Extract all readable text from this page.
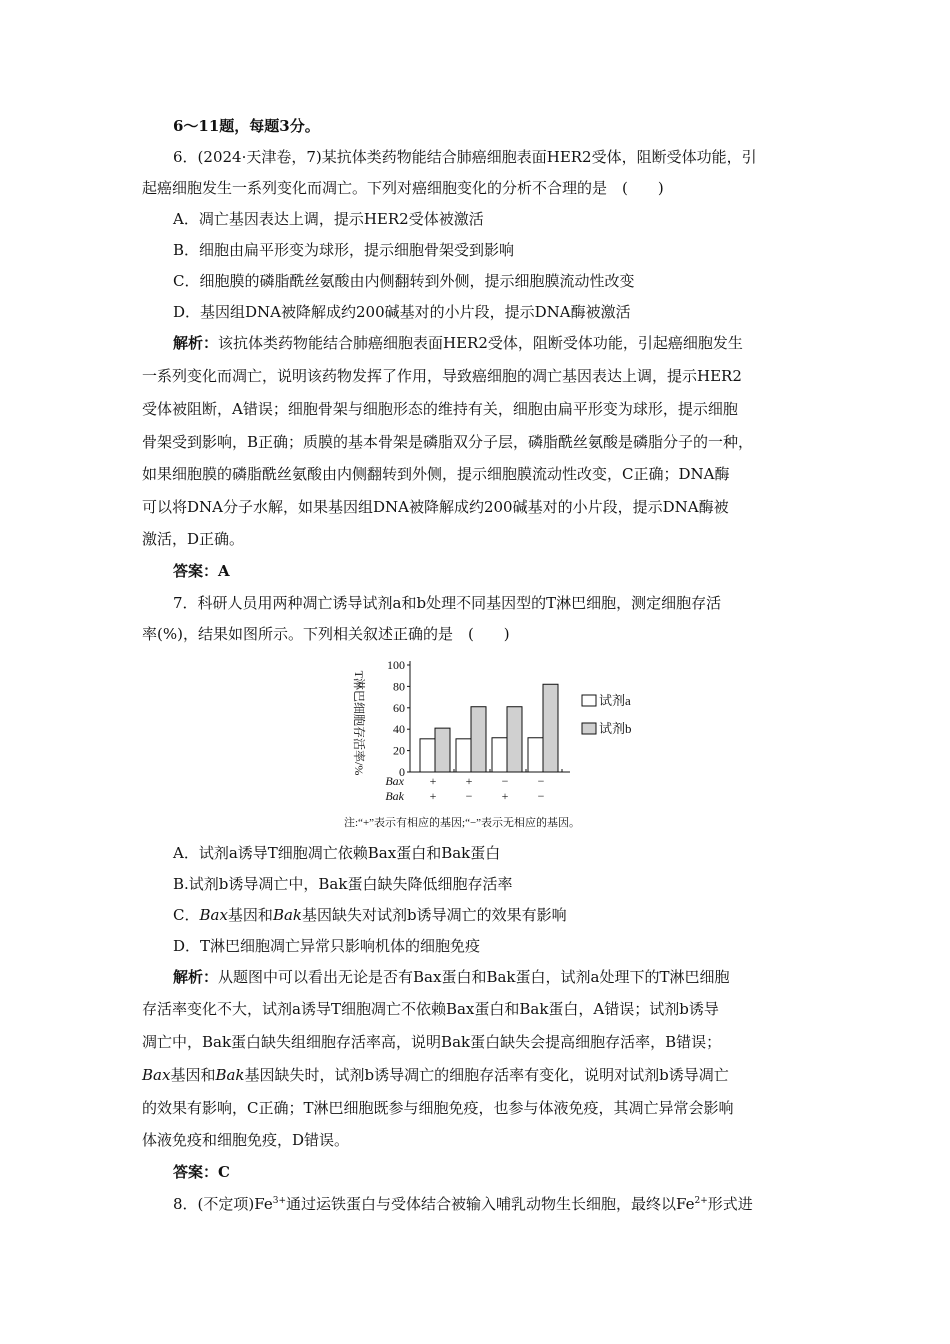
6～11题，每题3分。
6．(2024·天津卷，7)某抗体类药物能结合肺癌细胞表面HER2受体，阻断受体功能，引
起癌细胞发生一系列变化而凋亡。下列对癌细胞变化的分析不合理的是　(　　)
A．凋亡基因表达上调，提示HER2受体被激活
B．细胞由扁平形变为球形，提示细胞骨架受到影响
C．细胞膜的磷脂酰丝氨酸由内侧翻转到外侧，提示细胞膜流动性改变
D．基因组DNA被降解成约200碱基对的小片段，提示DNA酶被激活
解析：该抗体类药物能结合肺癌细胞表面HER2受体，阻断受体功能，引起癌细胞发生
一系列变化而凋亡，说明该药物发挥了作用，导致癌细胞的凋亡基因表达上调，提示HER2
受体被阻断，A错误；细胞骨架与细胞形态的维持有关，细胞由扁平形变为球形，提示细胞
骨架受到影响，B正确；质膜的基本骨架是磷脂双分子层，磷脂酰丝氨酸是磷脂分子的一种，
如果细胞膜的磷脂酰丝氨酸由内侧翻转到外侧，提示细胞膜流动性改变，C正确；DNA酶
可以将DNA分子水解，如果基因组DNA被降解成约200碱基对的小片段，提示DNA酶被
激活，D正确。
答案：A
7．科研人员用两种凋亡诱导试剂a和b处理不同基因型的T淋巴细胞，测定细胞存活
率(%)，结果如图所示。下列相关叙述正确的是　(　　)
0
20
40
60
80
100
+
+
+
−
−
+
−
−
Bax
Bak
试剂a
试剂b
T淋巴细胞存活率/%
注:“+”表示有相应的基因;“−”表示无相应的基因。
A．试剂a诱导T细胞凋亡依赖Bax蛋白和Bak蛋白
B.试剂b诱导凋亡中，Bak蛋白缺失降低细胞存活率
C．Bax基因和Bak基因缺失对试剂b诱导凋亡的效果有影响
D．T淋巴细胞凋亡异常只影响机体的细胞免疫
解析：从题图中可以看出无论是否有Bax蛋白和Bak蛋白，试剂a处理下的T淋巴细胞
存活率变化不大，试剂a诱导T细胞凋亡不依赖Bax蛋白和Bak蛋白，A错误；试剂b诱导
凋亡中，Bak蛋白缺失组细胞存活率高，说明Bak蛋白缺失会提高细胞存活率，B错误；
Bax基因和Bak基因缺失时，试剂b诱导凋亡的细胞存活率有变化，说明对试剂b诱导凋亡
的效果有影响，C正确；T淋巴细胞既参与细胞免疫，也参与体液免疫，其凋亡异常会影响
体液免疫和细胞免疫，D错误。
答案：C
8．(不定项)$Fe^{3+}$通过运铁蛋白与受体结合被输入哺乳动物生长细胞，最终以$Fe^{2+}$形式进
